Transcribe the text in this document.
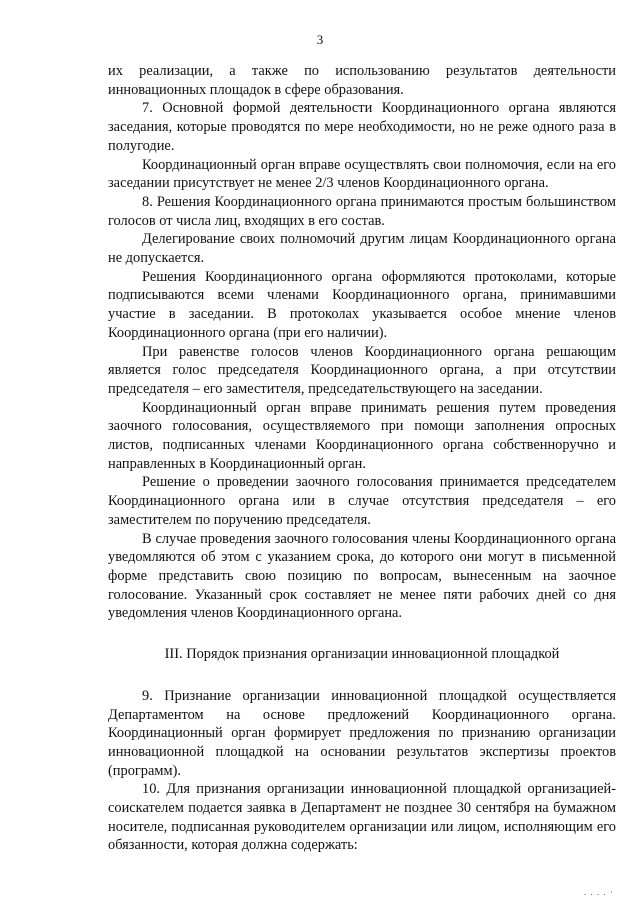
3

их реализации, а также по использованию результатов деятельности инновационных площадок в сфере образования.

7. Основной формой деятельности Координационного органа являются заседания, которые проводятся по мере необходимости, но не реже одного раза в полугодие.

Координационный орган вправе осуществлять свои полномочия, если на его заседании присутствует не менее 2/3 членов Координационного органа.

8. Решения Координационного органа принимаются простым большинством голосов от числа лиц, входящих в его состав.

Делегирование своих полномочий другим лицам Координационного органа не допускается.

Решения Координационного органа оформляются протоколами, которые подписываются всеми членами Координационного органа, принимавшими участие в заседании. В протоколах указывается особое мнение членов Координационного органа (при его наличии).

При равенстве голосов членов Координационного органа решающим является голос председателя Координационного органа, а при отсутствии председателя – его заместителя, председательствующего на заседании.

Координационный орган вправе принимать решения путем проведения заочного голосования, осуществляемого при помощи заполнения опросных листов, подписанных членами Координационного органа собственноручно и направленных в Координационный орган.

Решение о проведении заочного голосования принимается председателем Координационного органа или в случае отсутствия председателя – его заместителем по поручению председателя.

В случае проведения заочного голосования члены Координационного органа уведомляются об этом с указанием срока, до которого они могут в письменной форме представить свою позицию по вопросам, вынесенным на заочное голосование. Указанный срок составляет не менее пяти рабочих дней со дня уведомления членов Координационного органа.

III. Порядок признания организации инновационной площадкой

9. Признание организации инновационной площадкой осуществляется Департаментом на основе предложений Координационного органа. Координационный орган формирует предложения по признанию организации инновационной площадкой на основании результатов экспертизы проектов (программ).

10. Для признания организации инновационной площадкой организацией-соискателем подается заявка в Департамент не позднее 30 сентября на бумажном носителе, подписанная руководителем организации или лицом, исполняющим его обязанности, которая должна содержать:

. . . . ·
